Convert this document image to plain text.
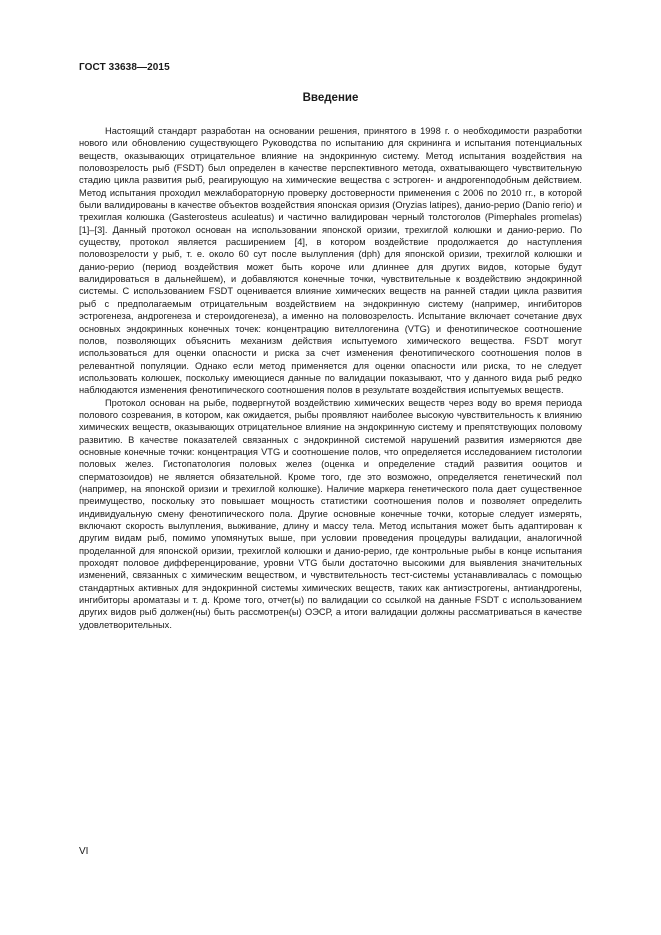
ГОСТ 33638—2015
Введение

Настоящий стандарт разработан на основании решения, принятого в 1998 г. о необходимости разработки нового или обновлению существующего Руководства по испытанию для скрининга и испытания потенциальных веществ, оказывающих отрицательное влияние на эндокринную систему. Метод испытания воздействия на половозрелость рыб (FSDT) был определен в качестве перспективного метода, охватывающего чувствительную стадию цикла развития рыб, реагирующую на химические вещества с эстроген- и андрогенподобным действием. Метод испытания проходил межлабораторную проверку достоверности применения с 2006 по 2010 гг., в которой были валидированы в качестве объектов воздействия японская оризия (Oryzias latipes), данио-рерио (Danio rerio) и трехиглая колюшка (Gasterosteus aculeatus) и частично валидирован черный толстоголов (Pimephales promelas) [1]–[3]. Данный протокол основан на использовании японской оризии, трехиглой колюшки и данио-рерио. По существу, протокол является расширением [4], в котором воздействие продолжается до наступления половозрелости у рыб, т. е. около 60 сут после вылупления (dph) для японской оризии, трехиглой колюшки и данио-рерио (период воздействия может быть короче или длиннее для других видов, которые будут валидироваться в дальнейшем), и добавляются конечные точки, чувствительные к воздействию эндокринной системы. С использованием FSDT оценивается влияние химических веществ на ранней стадии цикла развития рыб с предполагаемым отрицательным воздействием на эндокринную систему (например, ингибиторов эстрогенеза, андрогенеза и стероидогенеза), а именно на половозрелость. Испытание включает сочетание двух основных эндокринных конечных точек: концентрацию вителлогенина (VTG) и фенотипическое соотношение полов, позволяющих объяснить механизм действия испытуемого химического вещества. FSDT могут использоваться для оценки опасности и риска за счет изменения фенотипического соотношения полов в релевантной популяции. Однако если метод применяется для оценки опасности или риска, то не следует использовать колюшек, поскольку имеющиеся данные по валидации показывают, что у данного вида рыб редко наблюдаются изменения фенотипического соотношения полов в результате воздействия испытуемых веществ.

Протокол основан на рыбе, подвергнутой воздействию химических веществ через воду во время периода полового созревания, в котором, как ожидается, рыбы проявляют наиболее высокую чувствительность к влиянию химических веществ, оказывающих отрицательное влияние на эндокринную систему и препятствующих половому развитию. В качестве показателей связанных с эндокринной системой нарушений развития измеряются две основные конечные точки: концентрация VTG и соотношение полов, что определяется исследованием гистологии половых желез. Гистопатология половых желез (оценка и определение стадий развития ооцитов и сперматозоидов) не является обязательной. Кроме того, где это возможно, определяется генетический пол (например, на японской оризии и трехиглой колюшке). Наличие маркера генетического пола дает существенное преимущество, поскольку это повышает мощность статистики соотношения полов и позволяет определить индивидуальную смену фенотипического пола. Другие основные конечные точки, которые следует измерять, включают скорость вылупления, выживание, длину и массу тела. Метод испытания может быть адаптирован к другим видам рыб, помимо упомянутых выше, при условии проведения процедуры валидации, аналогичной проделанной для японской оризии, трехиглой колюшки и данио-рерио, где контрольные рыбы в конце испытания проходят половое дифференцирование, уровни VTG были достаточно высокими для выявления значительных изменений, связанных с химическим веществом, и чувствительность тест-системы устанавливалась с помощью стандартных активных для эндокринной системы химических веществ, таких как антиэстрогены, антиандрогены, ингибиторы ароматазы и т. д. Кроме того, отчет(ы) по валидации со ссылкой на данные FSDT с использованием других видов рыб должен(ны) быть рассмотрен(ы) ОЭСР, а итоги валидации должны рассматриваться в качестве удовлетворительных.

VI
